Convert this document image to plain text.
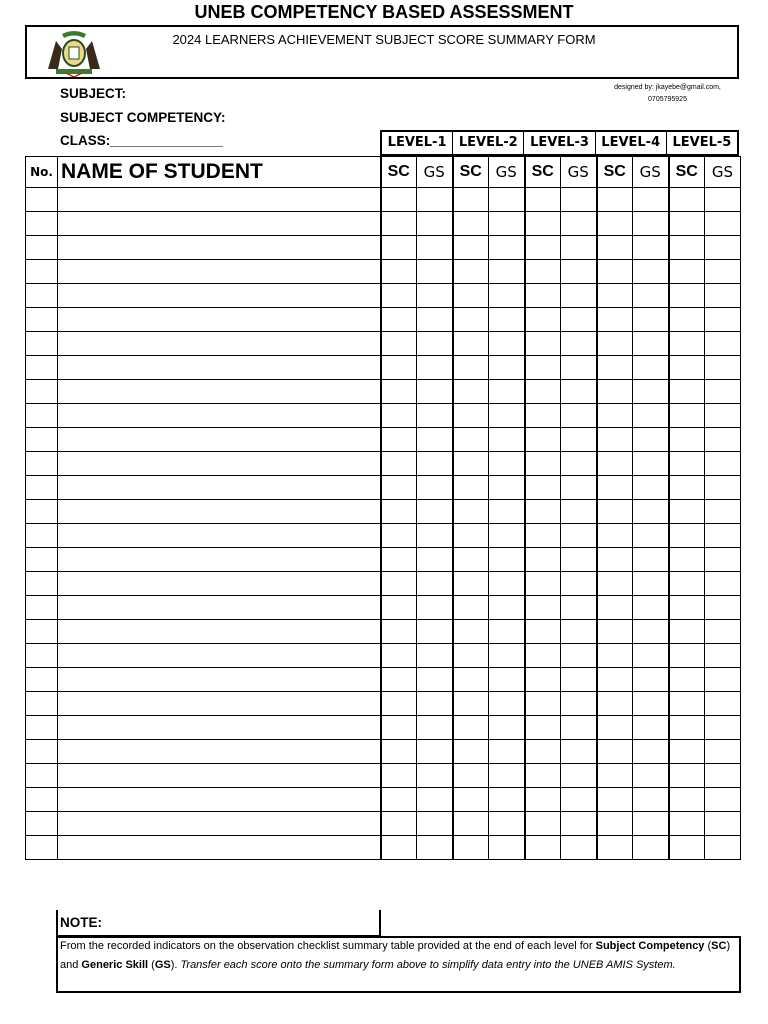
UNEB COMPETENCY BASED ASSESSMENT
2024 LEARNERS ACHIEVEMENT SUBJECT SCORE SUMMARY FORM
designed by: jkayebe@gmail.com,
0705795925
SUBJECT:
SUBJECT COMPETENCY:
CLASS:_______________	LEVEL-1 LEVEL-2 LEVEL-3 LEVEL-4 LEVEL-5
No.	NAME OF STUDENT	SC	GS	SC	GS	SC	GS	SC	GS	SC	GS

NOTE:
From the recorded indicators on the observation checklist summary table provided at the end of each level for Subject Competency (SC) and Generic Skill (GS). Transfer each score onto the summary form above to simplify data entry into the UNEB AMIS System.
